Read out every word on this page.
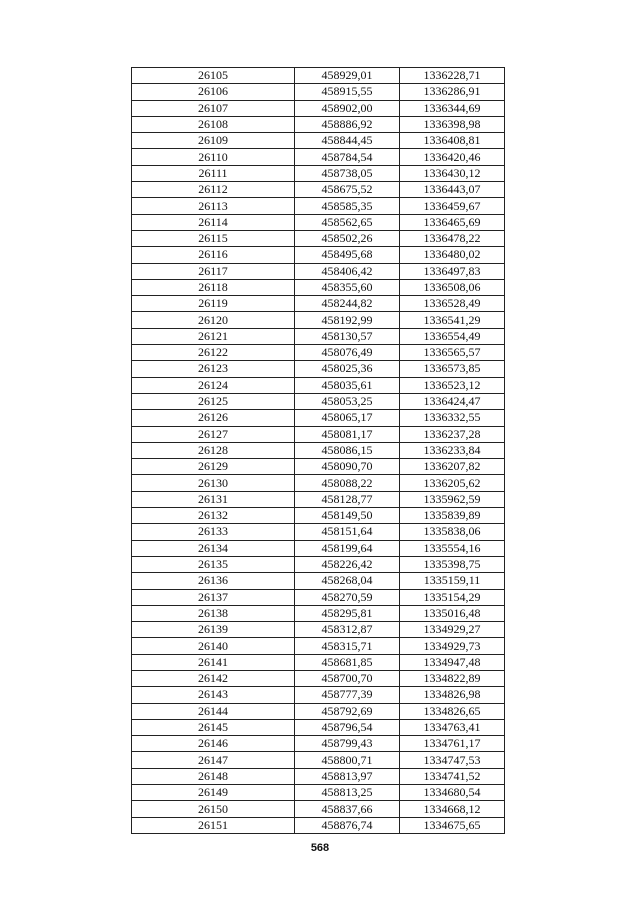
26105	458929,01	1336228,71
26106	458915,55	1336286,91
26107	458902,00	1336344,69
26108	458886,92	1336398,98
26109	458844,45	1336408,81
26110	458784,54	1336420,46
26111	458738,05	1336430,12
26112	458675,52	1336443,07
26113	458585,35	1336459,67
26114	458562,65	1336465,69
26115	458502,26	1336478,22
26116	458495,68	1336480,02
26117	458406,42	1336497,83
26118	458355,60	1336508,06
26119	458244,82	1336528,49
26120	458192,99	1336541,29
26121	458130,57	1336554,49
26122	458076,49	1336565,57
26123	458025,36	1336573,85
26124	458035,61	1336523,12
26125	458053,25	1336424,47
26126	458065,17	1336332,55
26127	458081,17	1336237,28
26128	458086,15	1336233,84
26129	458090,70	1336207,82
26130	458088,22	1336205,62
26131	458128,77	1335962,59
26132	458149,50	1335839,89
26133	458151,64	1335838,06
26134	458199,64	1335554,16
26135	458226,42	1335398,75
26136	458268,04	1335159,11
26137	458270,59	1335154,29
26138	458295,81	1335016,48
26139	458312,87	1334929,27
26140	458315,71	1334929,73
26141	458681,85	1334947,48
26142	458700,70	1334822,89
26143	458777,39	1334826,98
26144	458792,69	1334826,65
26145	458796,54	1334763,41
26146	458799,43	1334761,17
26147	458800,71	1334747,53
26148	458813,97	1334741,52
26149	458813,25	1334680,54
26150	458837,66	1334668,12
26151	458876,74	1334675,65
568
